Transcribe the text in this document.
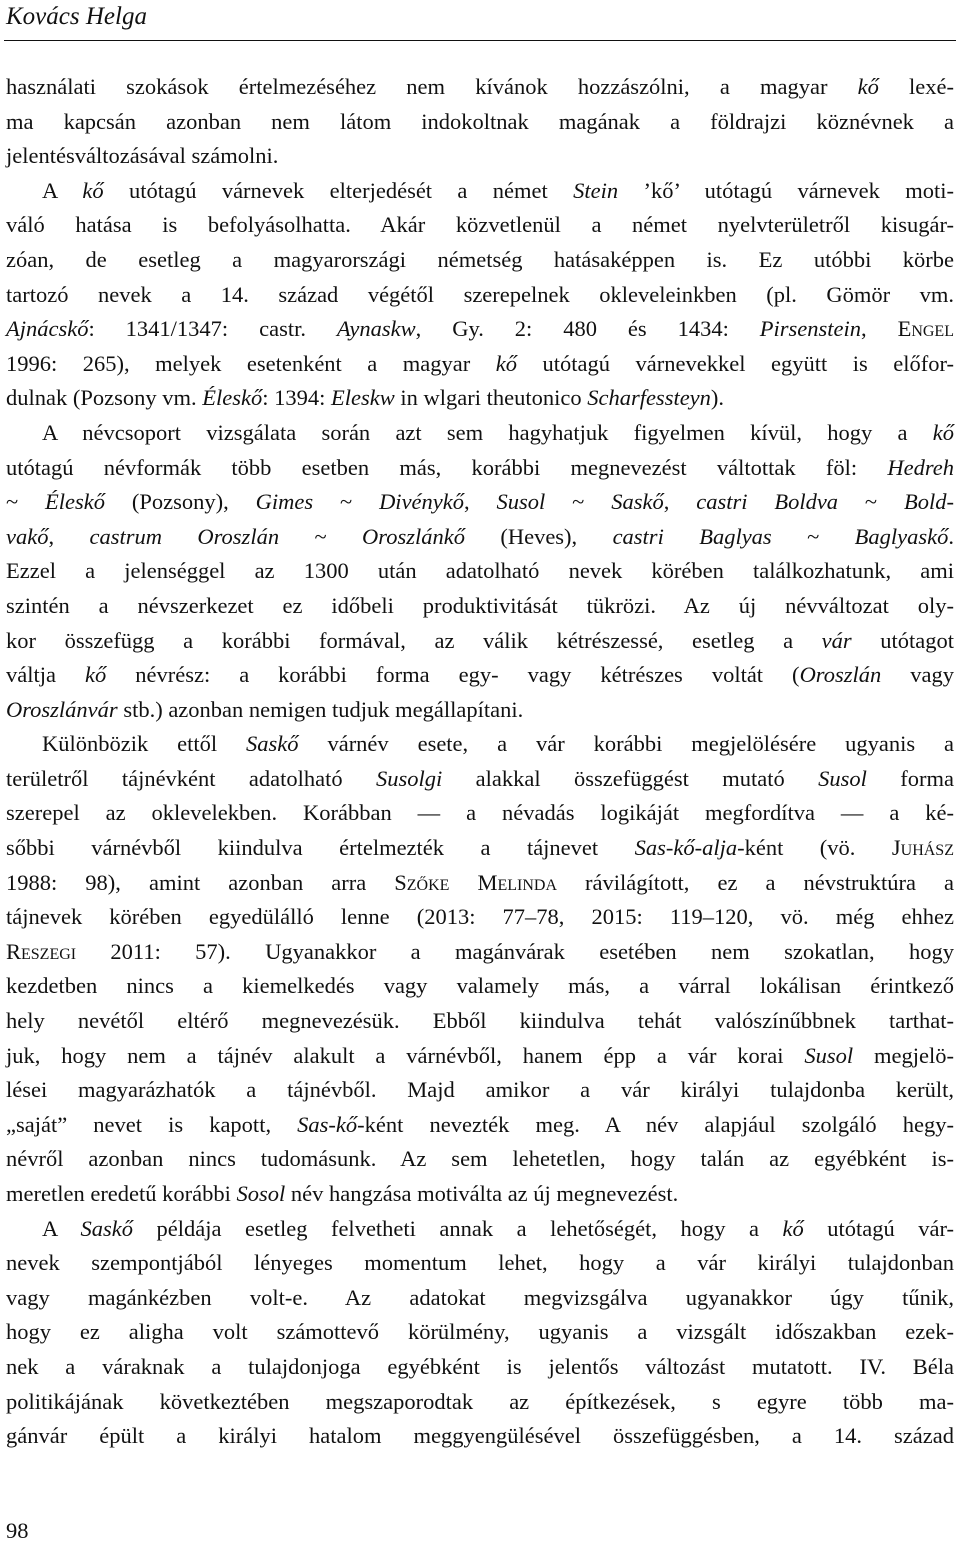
Kovács Helga
használati szokások értelmezéséhez nem kívánok hozzászólni, a magyar kő lexé-
ma kapcsán azonban nem látom indokoltnak magának a földrajzi köznévnek a
jelentésváltozásával számolni.
A kő utótagú várnevek elterjedését a német Stein ’kő’ utótagú várnevek moti-
váló hatása is befolyásolhatta. Akár közvetlenül a német nyelvterületről kisugár-
zóan, de esetleg a magyarországi németség hatásaképpen is. Ez utóbbi körbe
tartozó nevek a 14. század végétől szerepelnek okleveleinkben (pl. Gömör vm.
Ajnácskő: 1341/1347: castr. Aynaskw, Gy. 2: 480 és 1434: Pirsenstein, Engel
1996: 265), melyek esetenként a magyar kő utótagú várnevekkel együtt is előfor-
dulnak (Pozsony vm. Éleskő: 1394: Eleskw in wlgari theutonico Scharfessteyn).
A névcsoport vizsgálata során azt sem hagyhatjuk figyelmen kívül, hogy a kő
utótagú névformák több esetben más, korábbi megnevezést váltottak föl: Hedreh
~ Éleskő (Pozsony), Gimes ~ Divénykő, Susol ~ Saskő, castri Boldva ~ Bold-
vakő, castrum Oroszlán ~ Oroszlánkő (Heves), castri Baglyas ~ Baglyaskő.
Ezzel a jelenséggel az 1300 után adatolható nevek körében találkozhatunk, ami
szintén a névszerkezet ez időbeli produktivitását tükrözi. Az új névváltozat oly-
kor összefügg a korábbi formával, az válik kétrészessé, esetleg a vár utótagot
váltja kő névrész: a korábbi forma egy- vagy kétrészes voltát (Oroszlán vagy
Oroszlánvár stb.) azonban nemigen tudjuk megállapítani.
Különbözik ettől Saskő várnév esete, a vár korábbi megjelölésére ugyanis a
területről tájnévként adatolható Susolgi alakkal összefüggést mutató Susol forma
szerepel az oklevelekben. Korábban — a névadás logikáját megfordítva — a ké-
sőbbi várnévből kiindulva értelmezték a tájnevet Sas-kő-alja-ként (vö. Juhász
1988: 98), amint azonban arra Szőke Melinda rávilágított, ez a névstruktúra a
tájnevek körében egyedülálló lenne (2013: 77–78, 2015: 119–120, vö. még ehhez
Reszegi 2011: 57). Ugyanakkor a magánvárak esetében nem szokatlan, hogy
kezdetben nincs a kiemelkedés vagy valamely más, a várral lokálisan érintkező
hely nevétől eltérő megnevezésük. Ebből kiindulva tehát valószínűbbnek tarthat-
juk, hogy nem a tájnév alakult a várnévből, hanem épp a vár korai Susol megjelö-
lései magyarázhatók a tájnévből. Majd amikor a vár királyi tulajdonba került,
„saját” nevet is kapott, Sas-kő-ként nevezték meg. A név alapjául szolgáló hegy-
névről azonban nincs tudomásunk. Az sem lehetetlen, hogy talán az egyébként is-
meretlen eredetű korábbi Sosol név hangzása motiválta az új megnevezést.
A Saskő példája esetleg felvetheti annak a lehetőségét, hogy a kő utótagú vár-
nevek szempontjából lényeges momentum lehet, hogy a vár királyi tulajdonban
vagy magánkézben volt-e. Az adatokat megvizsgálva ugyanakkor úgy tűnik,
hogy ez aligha volt számottevő körülmény, ugyanis a vizsgált időszakban ezek-
nek a váraknak a tulajdonjoga egyébként is jelentős változást mutatott. IV. Béla
politikájának következtében megszaporodtak az építkezések, s egyre több ma-
gánvár épült a királyi hatalom meggyengülésével összefüggésben, a 14. század
98
